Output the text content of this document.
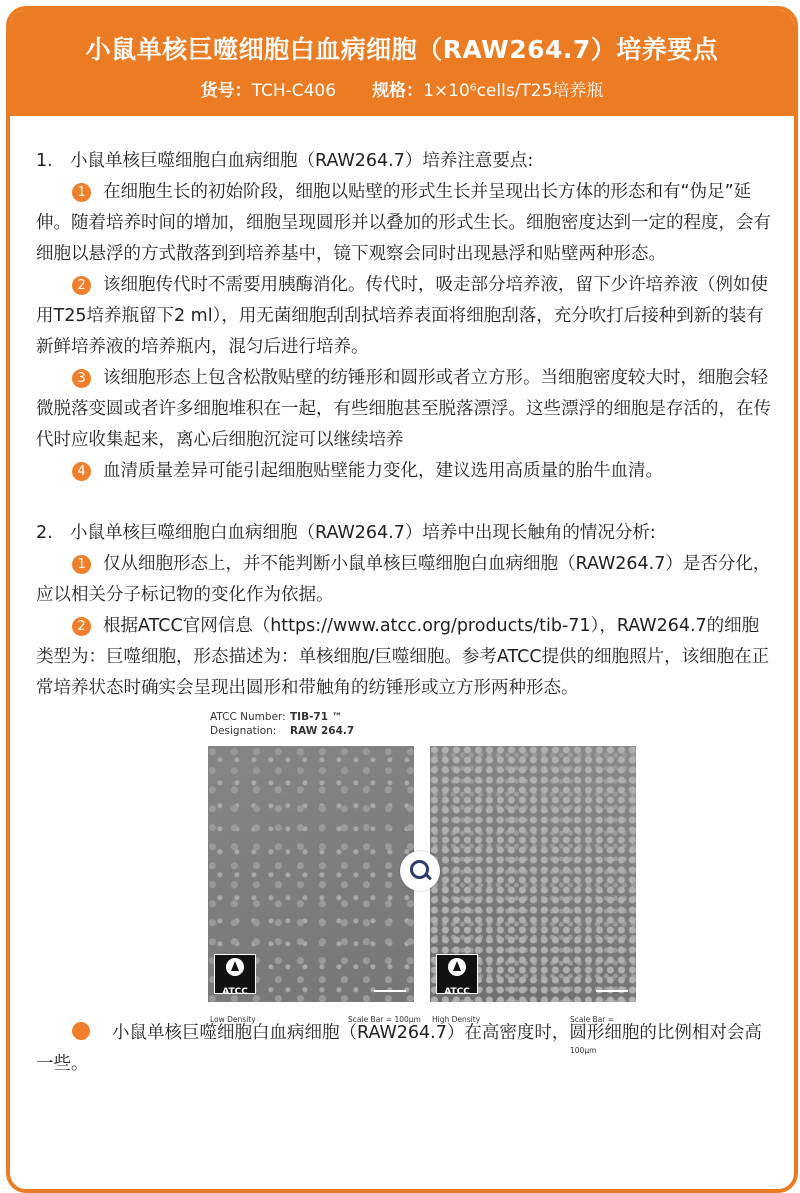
小鼠单核巨噬细胞白血病细胞（RAW264.7）培养要点
货号：TCH-C406 规格：1×10⁶cells/T25培养瓶

1. 小鼠单核巨噬细胞白血病细胞（RAW264.7）培养注意要点:

1 在细胞生长的初始阶段，细胞以贴壁的形式生长并呈现出长方体的形态和有“伪足”延伸。随着培养时间的增加，细胞呈现圆形并以叠加的形式生长。细胞密度达到一定的程度，会有细胞以悬浮的方式散落到到培养基中，镜下观察会同时出现悬浮和贴壁两种形态。

2 该细胞传代时不需要用胰酶消化。传代时，吸走部分培养液，留下少许培养液（例如使用T25培养瓶留下2 ml），用无菌细胞刮刮拭培养表面将细胞刮落，充分吹打后接种到新的装有新鲜培养液的培养瓶内，混匀后进行培养。

3 该细胞形态上包含松散贴壁的纺锤形和圆形或者立方形。当细胞密度较大时，细胞会轻微脱落变圆或者许多细胞堆积在一起，有些细胞甚至脱落漂浮。这些漂浮的细胞是存活的，在传代时应收集起来，离心后细胞沉淀可以继续培养

4 血清质量差异可能引起细胞贴壁能力变化，建议选用高质量的胎牛血清。

2. 小鼠单核巨噬细胞白血病细胞（RAW264.7）培养中出现长触角的情况分析:

1 仅从细胞形态上，并不能判断小鼠单核巨噬细胞白血病细胞（RAW264.7）是否分化，应以相关分子标记物的变化作为依据。

2 根据ATCC官网信息（https://www.atcc.org/products/tib-71），RAW264.7的细胞类型为：巨噬细胞，形态描述为：单核细胞/巨噬细胞。参考ATCC提供的细胞照片，该细胞在正常培养状态时确实会呈现出圆形和带触角的纺锤形或立方形两种形态。

ATCC Number: TIB-71 ™
Designation: RAW 264.7
ATCC	ATCC
Low Density	Scale Bar = 100µm High Density	Scale Bar = 100µm

小鼠单核巨噬细胞白血病细胞（RAW264.7）在高密度时，圆形细胞的比例相对会高一些。
